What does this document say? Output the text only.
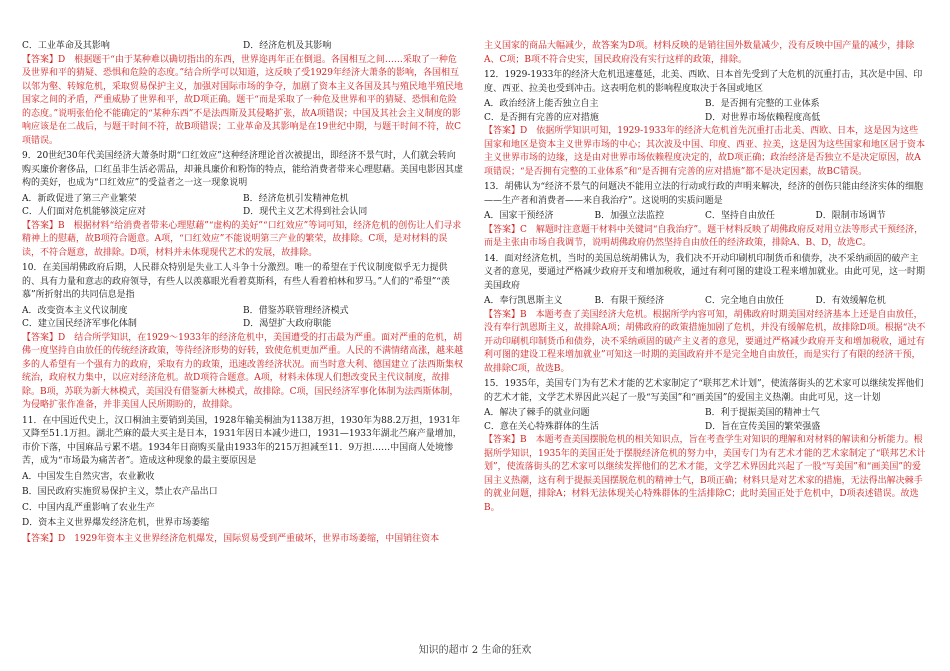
C．工业革命及其影响	D．经济危机及其影响

【答案】D　根据题干“由于某种难以确切指出的东西，世界迩再年正在倒退。各国相互之间……采取了一种危及世界和平的猜疑、恐惧和危险的态度。”结合所学可以知道，这反映了受1929年经济大萧条的影响，各国相互以邻为壑、转嫁危机，采取贸易保护主义，加强对国际市场的争夺，加剧了资本主义各国及其与殖民地半殖民地国家之间的矛盾，严重威胁了世界和平，故D项正确。题干“而是采取了一种危及世界和平的猜疑、恐惧和危险的态度。”说明张伯伦不能确定的“某种东西”不是法西斯及其侵略扩张，故A项错误；中国及其社会主义制度的影响应该是在二战后，与题干时间不符，故B项错误；工业革命及其影响是在19世纪中期，与题干时间不符，故C项错误。

9．20世纪30年代美国经济大萧条时期“口红效应”这种经济理论首次被提出，即经济不景气时，人们就会转向购买廉价奢侈品，口红虽非生活必需品，却兼具廉价和粉饰的特点，能给消费者带来心理慰藉。美国电影因其虚构的美好，也成为“口红效应”的受益者之一这一现象说明

A．新政促进了第三产业繁荣	B．经济危机引发精神危机
C．人们面对危机能够淡定应对	D．现代主义艺术得到社会认同

【答案】B　根据材料“给消费者带来心理慰藉”“虚构的美好”“口红效应”等词可知，经济危机的创伤让人们寻求精神上的慰藉，故B项符合题意。A项，“口红效应”不能说明第三产业的繁荣，故排除。C项，是对材料的误读，不符合题意，故排除。D项，材料并未体现现代艺术的发展，故排除。

10．在美国胡佛政府后期，人民群众特别是失业工人斗争十分激烈。唯一的希望在于代议制度似乎无力提供的、具有力量和意志的政府领导，有些人以羡慕眼光看着莫斯科，有些人看着柏林和罗马。”人们的“希望”“羡慕”所折射出的共同信息是指

A．改变资本主义代议制度	B．借鉴苏联管理经济模式
C．建立国民经济军事化体制	D．渴望扩大政府职能

【答案】D　结合所学知识，在1929～1933年的经济危机中，美国遭受的打击最为严重。面对严重的危机，胡佛一度坚持自由放任的传统经济政策，等待经济形势的好转，致使危机更加严重。人民的不满情绪高涨，越来越多的人希望有一个强有力的政府，采取有力的政策，迅速改善经济状况。而当时意大利、德国建立了法西斯集权统治，政府权力集中，以应对经济危机。故D项符合题意。A项，材料未体现人们想改变民主代议制度，故排除。B项，苏联为新大林模式，美国没有借鉴新大林模式，故排除。C项，国民经济军事化体制为法西斯体制，为侵略扩张作准备，并非美国人民所期盼的，故排除。

11．在中国近代史上，汉口桐油主要销到美国，1928年输美桐油为1138万担，1930年为88.2万担，1931年又降至51.1万担。湖北苎麻的最大买主是日本，1931年因日本减少进口，1931—1933年湖北苎麻产量增加，市价下落，中国麻品亏累不堪。1934年日商购买量由1933年的215万担减至11．9万担……中国商人处境惨苦，成为“市场最为痛苦者”。造成这种现象的最主要原因是

A．中国发生自然灾害，农业歉收

B．国民政府实施贸易保护主义，禁止农产品出口

C．中国内乱严重影响了农业生产

D．资本主义世界爆发经济危机，世界市场萎缩

【答案】D　1929年资本主义世界经济危机爆发，国际贸易受到严重破坏，世界市场萎缩，中国销往资本

主义国家的商品大幅减少，故答案为D项。材料反映的是销往国外数量减少，没有反映中国产量的减少，排除A、C项；B项不符合史实，国民政府没有实行这样的政策，排除。

12．1929-1933年的经济大危机迅速蔓延，北美、西欧、日本首先受到了大危机的沉重打击，其次是中国、印度、西亚、拉美也受到冲击。这表明危机的影响程度取决于各国或地区

A．政治经济上能否独立自主	B．是否拥有完整的工业体系
C．是否拥有完善的应对措施	D．对世界市场依赖程度高低

【答案】D　依据所学知识可知，1929-1933年的经济大危机首先沉重打击北美、西欧、日本，这是因为这些国家和地区是资本主义世界市场的中心；其次波及中国、印度、西亚、拉美，这是因为这些国家和地区居于资本主义世界市场的边缘，这是由对世界市场依赖程度决定的，故D项正确；政治经济是否独立不是决定原因，故A项错误；“是否拥有完整的工业体系”和“是否拥有完善的应对措施”都不是决定因素，故BC错误。

13．胡佛认为“经济不景气的问题决不能用立法的行动或行政的声明来解决，经济的创伤只能由经济实体的细胞——生产者和消费者——来自我治疗”。这说明的实质问题是

A．国家干预经济	B．加强立法监控	C．坚持自由放任	D．限制市场调节

【答案】C　解题时注意题干材料中关键词“自我治疗”。题干材料反映了胡佛政府反对用立法等形式干预经济，而是主张由市场自我调节，说明胡佛政府仍然坚持自由放任的经济政策，排除A、B、D，故选C。

14．面对经济危机，当时的美国总统胡佛认为，我们决不开动印刷机印制货币和债券，决不采纳顽固的破产主义者的意见，要通过严格减少政府开支和增加税收，通过有利可图的建设工程来增加就业。由此可见，这一时期美国政府

A．奉行凯恩斯主义	B．有限干预经济	C．完全地自由放任	D．有效缓解危机

【答案】B　本题考查了美国经济大危机。根据所学内容可知，胡佛政府时期美国对经济基本上还是自由放任，没有奉行凯恩斯主义，故排除A项；胡佛政府的政策措施加剧了危机，并没有缓解危机，故排除D项。根据“决不开动印刷机印制货币和债券，决不采纳顽固的破产主义者的意见，要通过严格减少政府开支和增加税收，通过有利可图的建设工程来增加就业”可知这一时期的美国政府并不是完全地自由放任，而是实行了有限的经济干预，故排除C项，故选B。

15．1935年，美国专门为有艺术才能的艺术家制定了“联邦艺术计划”，使流落街头的艺术家可以继续发挥他们的艺术才能，文学艺术界因此兴起了一股“写美国”和“画美国”的爱国主义热潮。由此可见，这一计划

A．解决了棘手的就业问题	B．利于提振美国的精神士气
C．意在关心特殊群体的生活	D．旨在宣传美国的繁荣强盛

【答案】B　本题考查美国摆脱危机的相关知识点，旨在考查学生对知识的理解和对材料的解读和分析能力。根据所学知识，1935年的美国正处于摆脱经济危机的努力中，美国专门为有艺术才能的艺术家制定了“联邦艺术计划”，使流落街头的艺术家可以继续发挥他们的艺术才能，文学艺术界因此兴起了一股“写美国”和“画美国”的爱国主义热潮，这有利于提振美国摆脱危机的精神士气，B项正确；材料只是对艺术家的措施，无法得出解决棘手的就业问题，排除A；材料无法体现关心特殊群体的生活排除C；此时美国正处于危机中，D项表述错误。故选B。

知识的超市 2 生命的狂欢
